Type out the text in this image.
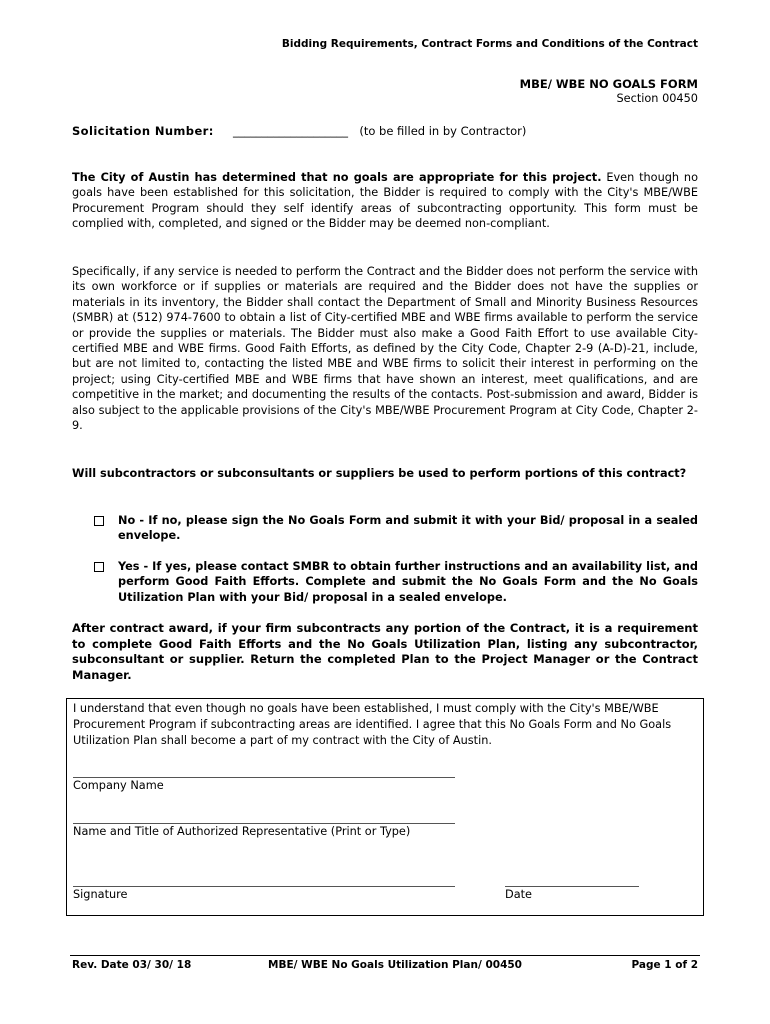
Bidding Requirements, Contract Forms and Conditions of the Contract
MBE/ WBE NO GOALS FORM
Section 00450
Solicitation Number: ____________________ (to be filled in by Contractor)
The City of Austin has determined that no goals are appropriate for this project. Even though no goals have been established for this solicitation, the Bidder is required to comply with the City's MBE/WBE Procurement Program should they self identify areas of subcontracting opportunity. This form must be complied with, completed, and signed or the Bidder may be deemed non-compliant.
Specifically, if any service is needed to perform the Contract and the Bidder does not perform the service with its own workforce or if supplies or materials are required and the Bidder does not have the supplies or materials in its inventory, the Bidder shall contact the Department of Small and Minority Business Resources (SMBR) at (512) 974-7600 to obtain a list of City-certified MBE and WBE firms available to perform the service or provide the supplies or materials. The Bidder must also make a Good Faith Effort to use available City-certified MBE and WBE firms. Good Faith Efforts, as defined by the City Code, Chapter 2-9 (A-D)-21, include, but are not limited to, contacting the listed MBE and WBE firms to solicit their interest in performing on the project; using City-certified MBE and WBE firms that have shown an interest, meet qualifications, and are competitive in the market; and documenting the results of the contacts. Post-submission and award, Bidder is also subject to the applicable provisions of the City's MBE/WBE Procurement Program at City Code, Chapter 2-9.
Will subcontractors or subconsultants or suppliers be used to perform portions of this contract?
No - If no, please sign the No Goals Form and submit it with your Bid/ proposal in a sealed envelope.
Yes - If yes, please contact SMBR to obtain further instructions and an availability list, and perform Good Faith Efforts. Complete and submit the No Goals Form and the No Goals Utilization Plan with your Bid/ proposal in a sealed envelope.
After contract award, if your firm subcontracts any portion of the Contract, it is a requirement to complete Good Faith Efforts and the No Goals Utilization Plan, listing any subcontractor, subconsultant or supplier. Return the completed Plan to the Project Manager or the Contract Manager.
I understand that even though no goals have been established, I must comply with the City's MBE/WBE Procurement Program if subcontracting areas are identified. I agree that this No Goals Form and No Goals Utilization Plan shall become a part of my contract with the City of Austin.
Company Name
Name and Title of Authorized Representative (Print or Type)
Signature	Date
Rev. Date 03/ 30/ 18	MBE/ WBE No Goals Utilization Plan/ 00450	Page 1 of 2
